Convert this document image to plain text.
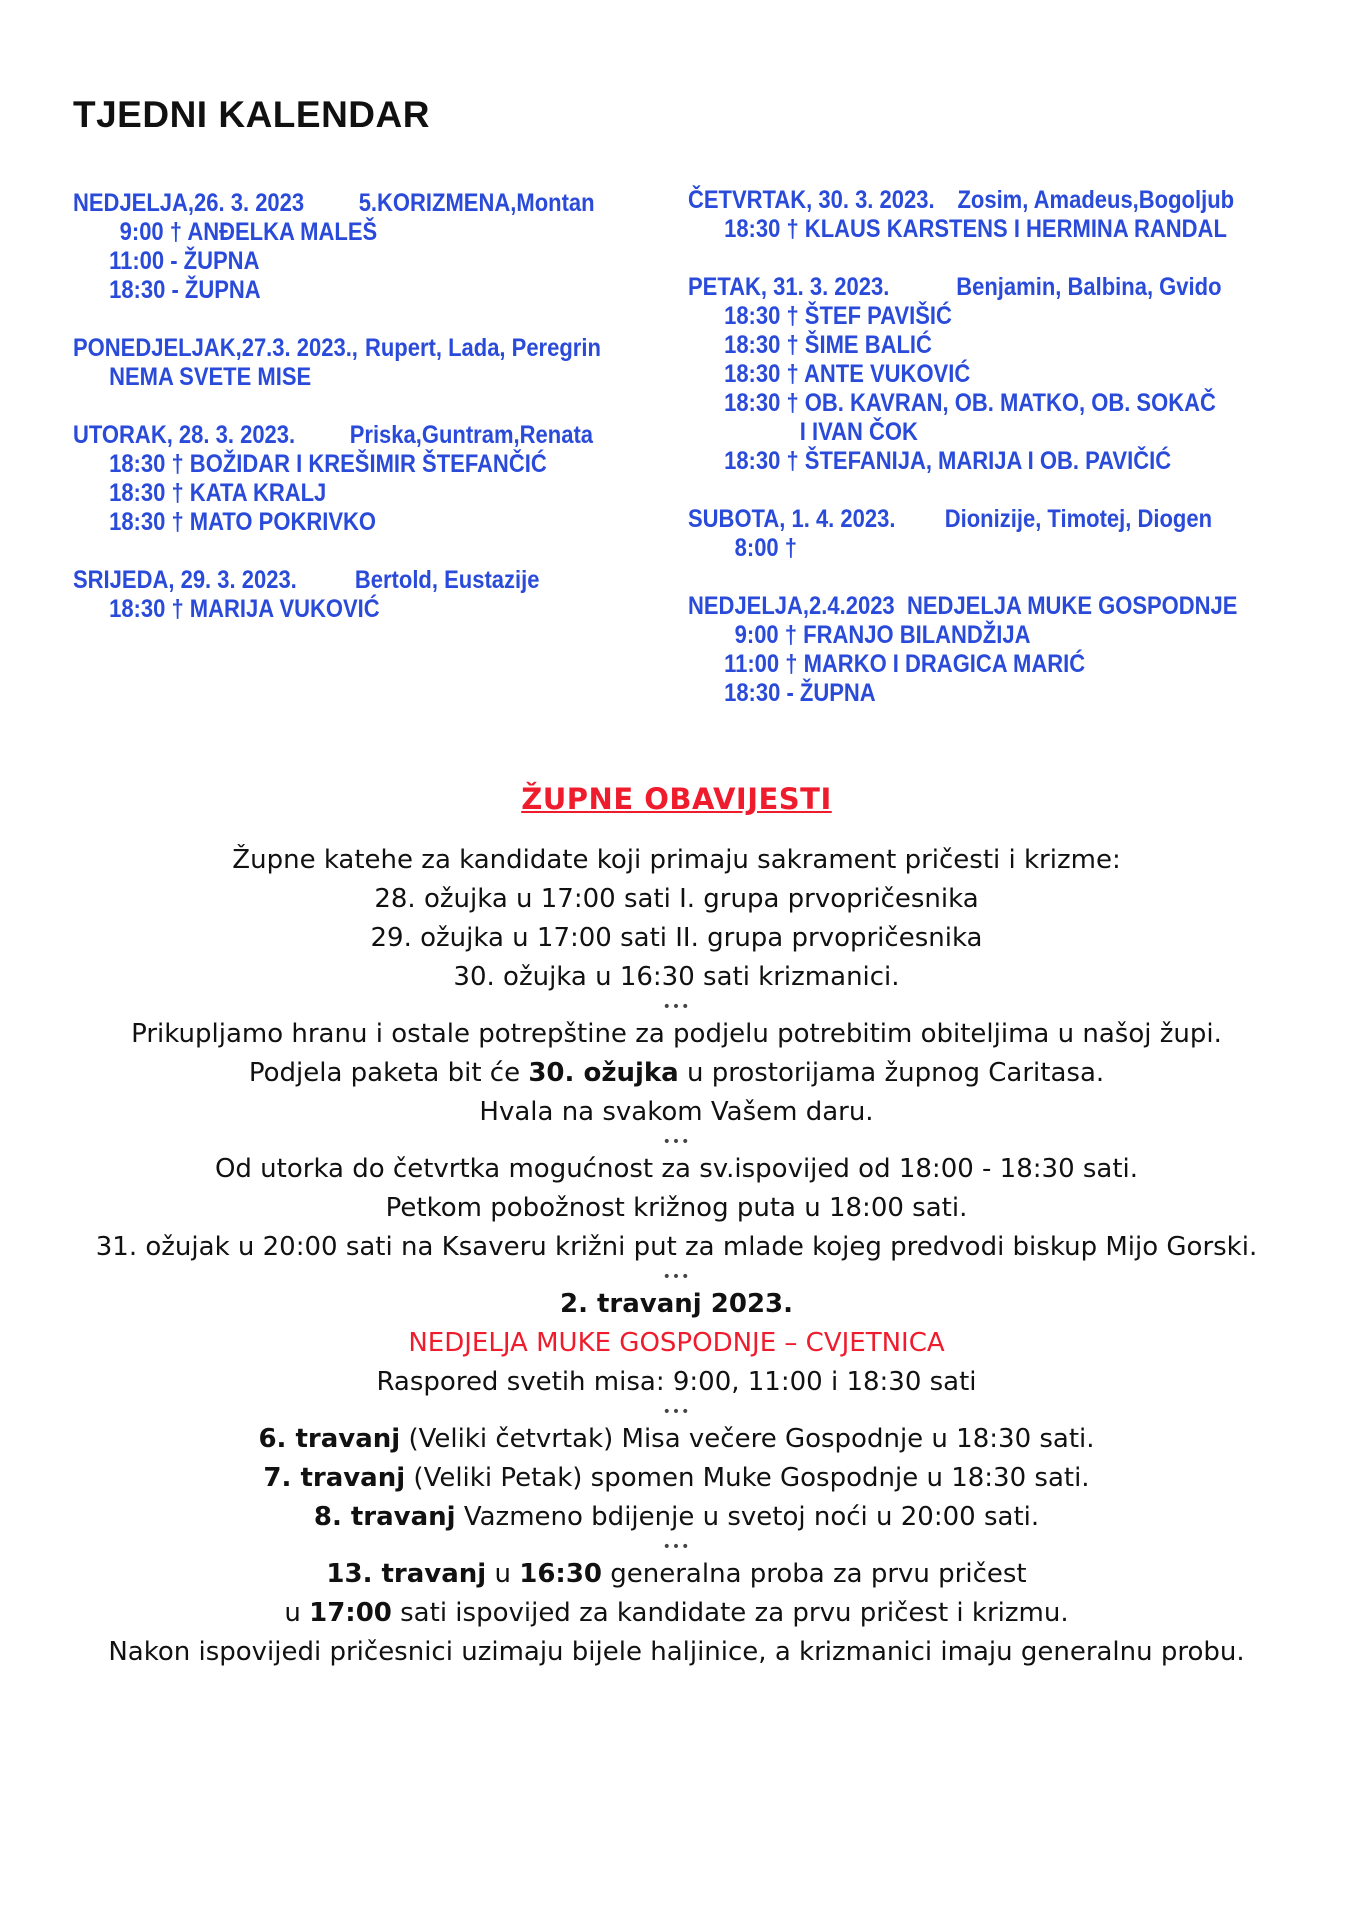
TJEDNI KALENDAR
NEDJELJA,26. 3. 2023 5.KORIZMENA,Montan
9:00 † ANĐELKA MALEŠ
11:00 - ŽUPNA
18:30 - ŽUPNA
PONEDJELJAK,27.3. 2023., Rupert, Lada, Peregrin
NEMA SVETE MISE
UTORAK, 28. 3. 2023. Priska,Guntram,Renata
18:30 † BOŽIDAR I KREŠIMIR ŠTEFANČIĆ
18:30 † KATA KRALJ
18:30 † MATO POKRIVKO
SRIJEDA, 29. 3. 2023. Bertold, Eustazije
18:30 † MARIJA VUKOVIĆ
ČETVRTAK, 30. 3. 2023. Zosim, Amadeus,Bogoljub
18:30 † KLAUS KARSTENS I HERMINA RANDAL
PETAK, 31. 3. 2023.	Benjamin, Balbina, Gvido
18:30 † ŠTEF PAVIŠIĆ
18:30 † ŠIME BALIĆ
18:30 † ANTE VUKOVIĆ
18:30 † OB. KAVRAN, OB. MATKO, OB. SOKAČ
I IVAN ČOK
18:30 † ŠTEFANIJA, MARIJA I OB. PAVIČIĆ
SUBOTA, 1. 4. 2023. Dionizije, Timotej, Diogen
8:00 †
NEDJELJA,2.4.2023 NEDJELJA MUKE GOSPODNJE
9:00 † FRANJO BILANDŽIJA
11:00 † MARKO I DRAGICA MARIĆ
18:30 - ŽUPNA
ŽUPNE OBAVIJESTI
Župne katehe za kandidate koji primaju sakrament pričesti i krizme:
28. ožujka u 17:00 sati I. grupa prvopričesnika
29. ožujka u 17:00 sati II. grupa prvopričesnika
30. ožujka u 16:30 sati krizmanici.
•••
Prikupljamo hranu i ostale potrepštine za podjelu potrebitim obiteljima u našoj župi.
Podjela paketa bit će 30. ožujka u prostorijama župnog Caritasa.
Hvala na svakom Vašem daru.
•••
Od utorka do četvrtka mogućnost za sv.ispovijed od 18:00 - 18:30 sati.
Petkom pobožnost križnog puta u 18:00 sati.
31. ožujak u 20:00 sati na Ksaveru križni put za mlade kojeg predvodi biskup Mijo Gorski.
•••
2. travanj 2023.
NEDJELJA MUKE GOSPODNJE – CVJETNICA
Raspored svetih misa: 9:00, 11:00 i 18:30 sati
•••
6. travanj (Veliki četvrtak) Misa večere Gospodnje u 18:30 sati.
7. travanj (Veliki Petak) spomen Muke Gospodnje u 18:30 sati.
8. travanj Vazmeno bdijenje u svetoj noći u 20:00 sati.
•••
13. travanj u 16:30 generalna proba za prvu pričest
u 17:00 sati ispovijed za kandidate za prvu pričest i krizmu.
Nakon ispovijedi pričesnici uzimaju bijele haljinice, a krizmanici imaju generalnu probu.
